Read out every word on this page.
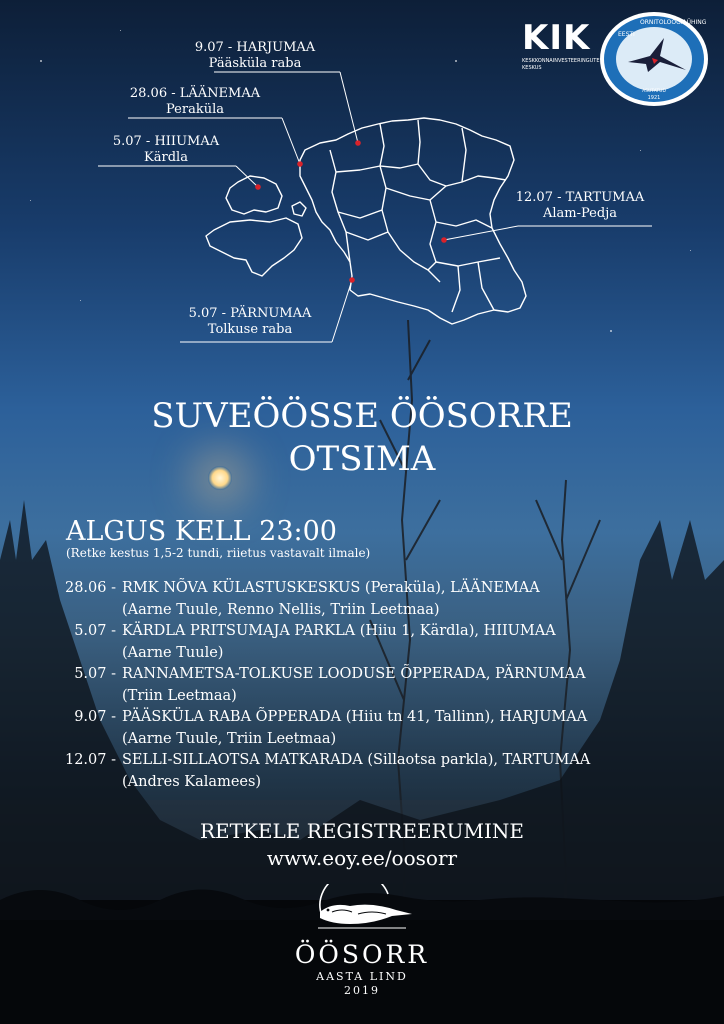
9.07 - HARJUMAA
Pääsküla raba
28.06 - LÄÄNEMAA
Peraküla
5.07 - HIIUMAA
Kärdla
12.07 - TARTUMAA
Alam-Pedja
5.07 - PÄRNUMAA
Tolkuse raba
KIK
KESKKONNAINVESTEERINGUTE KESKUS
EESTI
ORNITOLOOGIAÜHING
ASUTATUD
1921
SUVEÖÖSSE ÖÖSORRE
OTSIMA
ALGUS KELL 23:00
(Retke kestus 1,5-2 tundi, riietus vastavalt ilmale)
28.06 - RMK NÕVA KÜLASTUSKESKUS (Peraküla), LÄÄNEMAA
(Aarne Tuule, Renno Nellis, Triin Leetmaa)
5.07 - KÄRDLA PRITSUMAJA PARKLA (Hiiu 1, Kärdla), HIIUMAA
(Aarne Tuule)
5.07 - RANNAMETSA-TOLKUSE LOODUSE ÕPPERADA, PÄRNUMAA
(Triin Leetmaa)
9.07 - PÄÄSKÜLA RABA ÕPPERADA (Hiiu tn 41, Tallinn), HARJUMAA
(Aarne Tuule, Triin Leetmaa)
12.07 - SELLI-SILLAOTSA MATKARADA (Sillaotsa parkla), TARTUMAA
(Andres Kalamees)
RETKELE REGISTREERUMINE
www.eoy.ee/oosorr
ÖÖSORR
AASTA LIND
2019
